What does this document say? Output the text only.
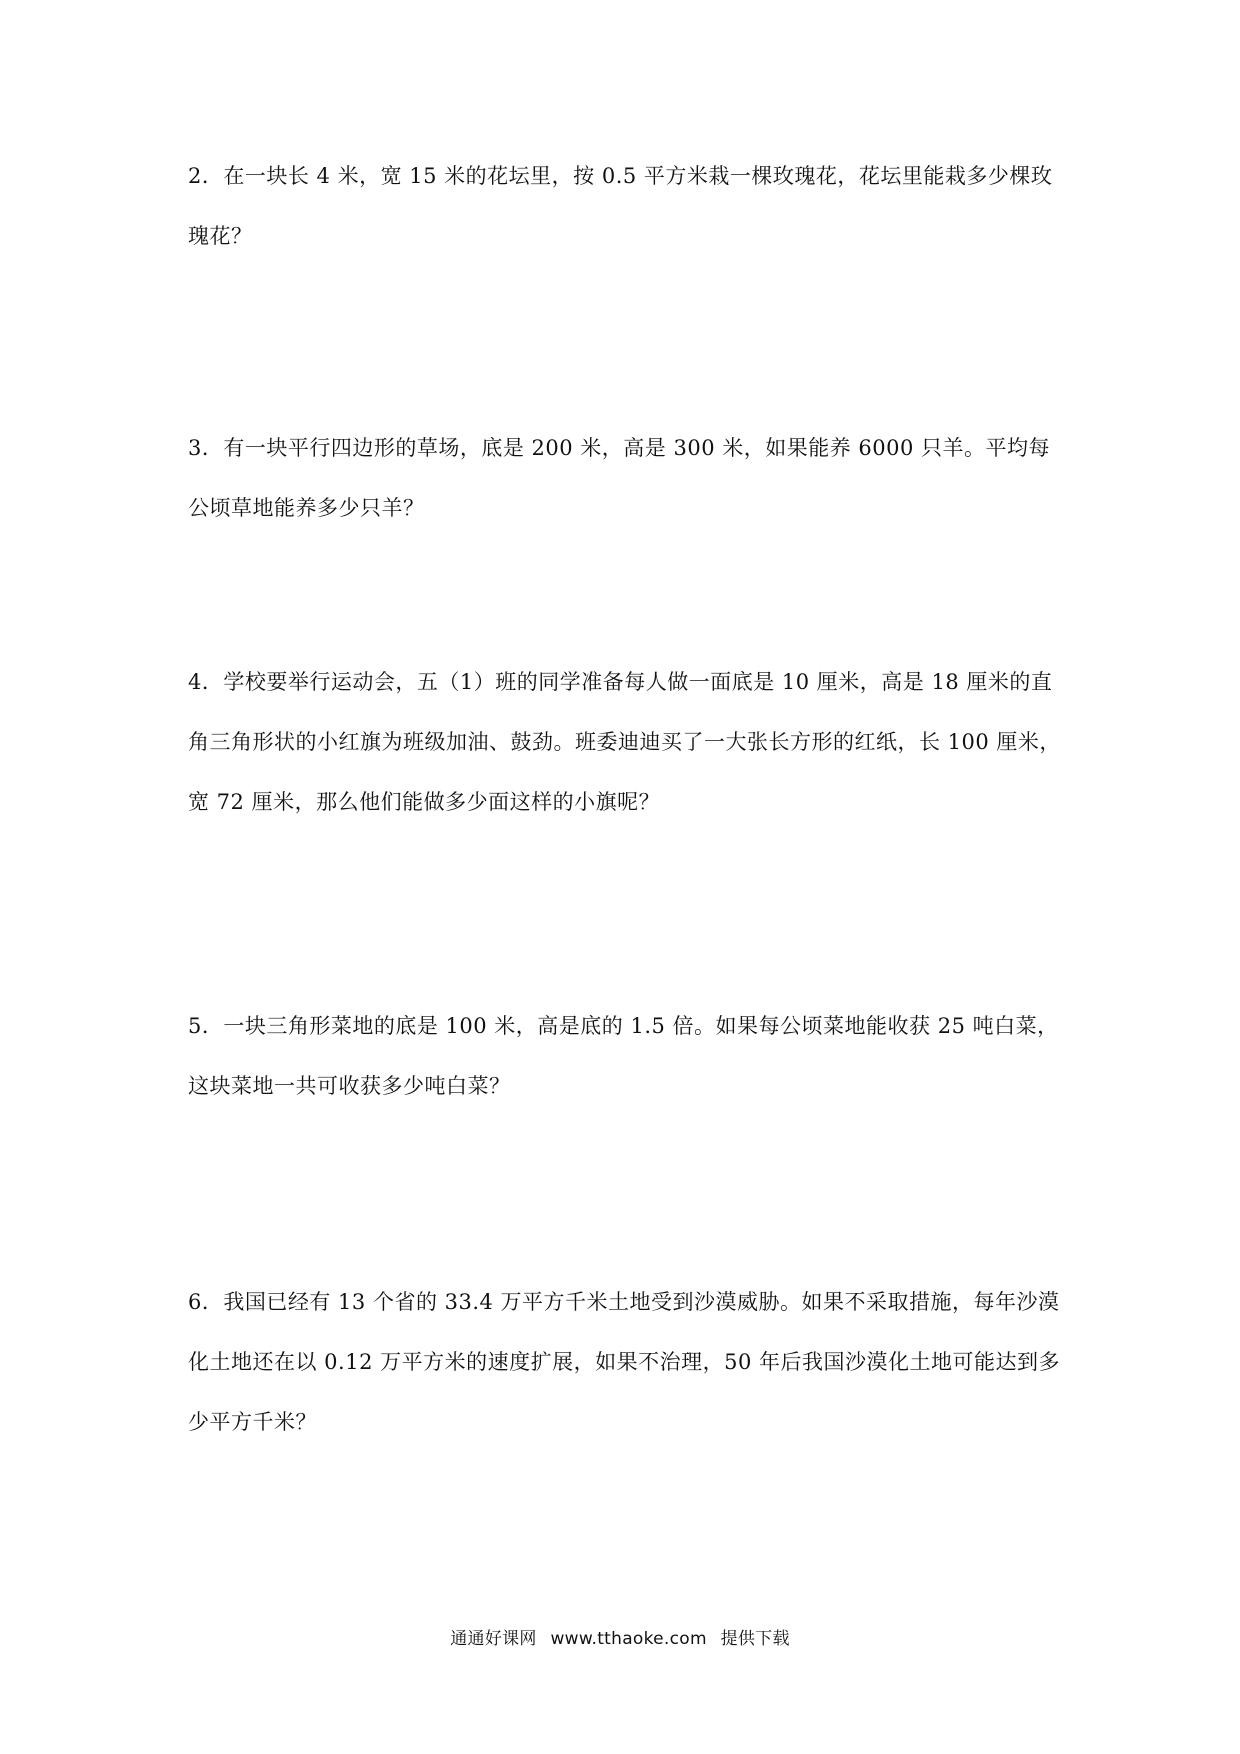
2．在一块长 4 米，宽 15 米的花坛里，按 0.5 平方米栽一棵玫瑰花，花坛里能栽多少棵玫瑰花？

3．有一块平行四边形的草场，底是 200 米，高是 300 米，如果能养 6000 只羊。平均每公顷草地能养多少只羊？

4．学校要举行运动会，五（1）班的同学准备每人做一面底是 10 厘米，高是 18 厘米的直角三角形状的小红旗为班级加油、鼓劲。班委迪迪买了一大张长方形的红纸，长 100 厘米，宽 72 厘米，那么他们能做多少面这样的小旗呢？

5．一块三角形菜地的底是 100 米，高是底的 1.5 倍。如果每公顷菜地能收获 25 吨白菜，这块菜地一共可收获多少吨白菜？

6．我国已经有 13 个省的 33.4 万平方千米土地受到沙漠威胁。如果不采取措施，每年沙漠化土地还在以 0.12 万平方米的速度扩展，如果不治理，50 年后我国沙漠化土地可能达到多少平方千米？

通通好课网 www.tthaoke.com 提供下载
